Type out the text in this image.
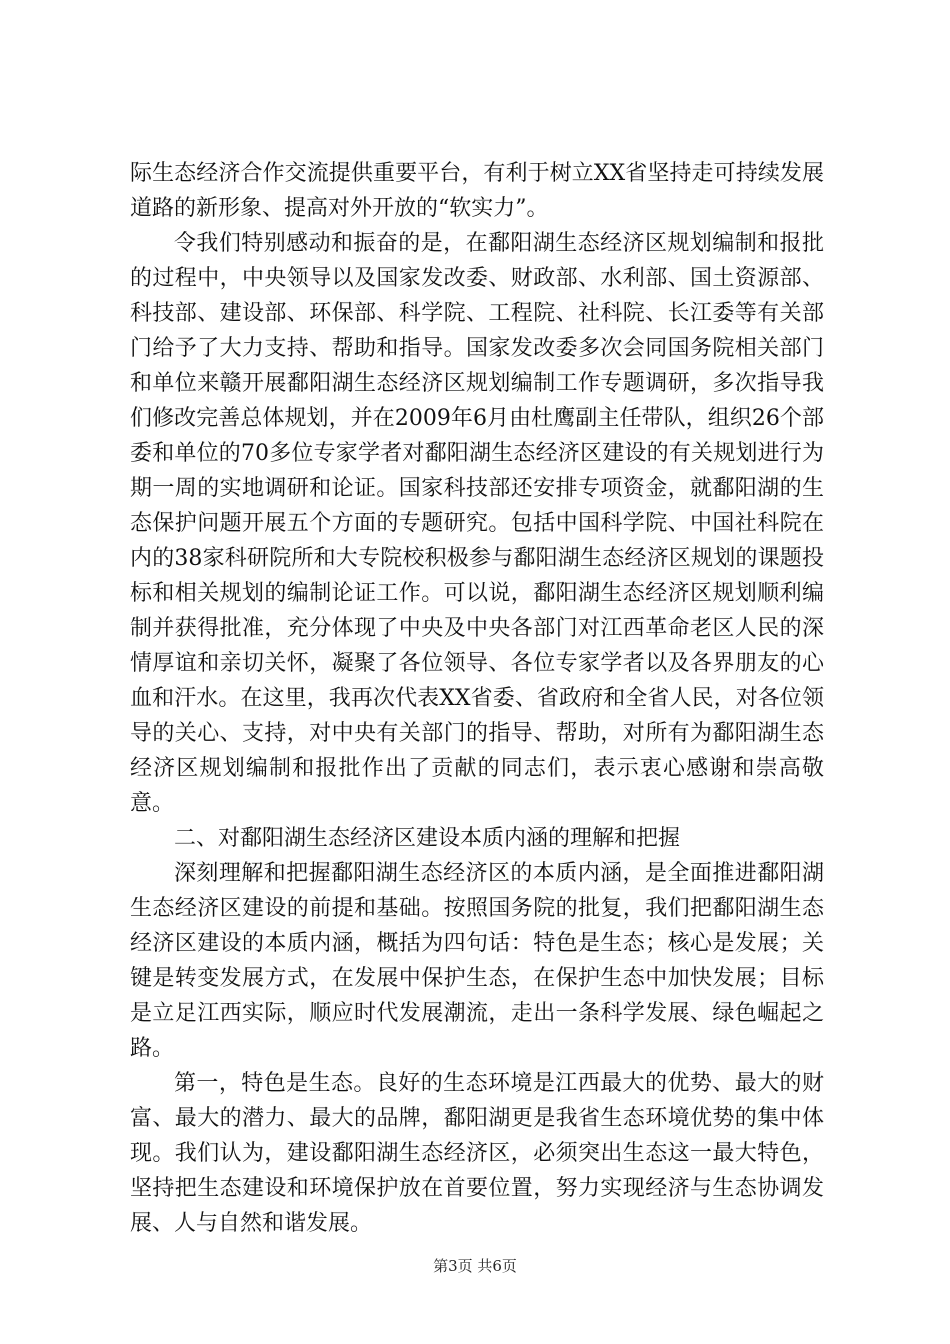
际生态经济合作交流提供重要平台，有利于树立XX省坚持走可持续发展道路的新形象、提高对外开放的“软实力”。

令我们特别感动和振奋的是，在鄱阳湖生态经济区规划编制和报批的过程中，中央领导以及国家发改委、财政部、水利部、国土资源部、科技部、建设部、环保部、科学院、工程院、社科院、长江委等有关部门给予了大力支持、帮助和指导。国家发改委多次会同国务院相关部门和单位来赣开展鄱阳湖生态经济区规划编制工作专题调研，多次指导我们修改完善总体规划，并在2009年6月由杜鹰副主任带队，组织26个部委和单位的70多位专家学者对鄱阳湖生态经济区建设的有关规划进行为期一周的实地调研和论证。国家科技部还安排专项资金，就鄱阳湖的生态保护问题开展五个方面的专题研究。包括中国科学院、中国社科院在内的38家科研院所和大专院校积极参与鄱阳湖生态经济区规划的课题投标和相关规划的编制论证工作。可以说，鄱阳湖生态经济区规划顺利编制并获得批准，充分体现了中央及中央各部门对江西革命老区人民的深情厚谊和亲切关怀，凝聚了各位领导、各位专家学者以及各界朋友的心血和汗水。在这里，我再次代表XX省委、省政府和全省人民，对各位领导的关心、支持，对中央有关部门的指导、帮助，对所有为鄱阳湖生态经济区规划编制和报批作出了贡献的同志们，表示衷心感谢和崇高敬意。

二、对鄱阳湖生态经济区建设本质内涵的理解和把握

深刻理解和把握鄱阳湖生态经济区的本质内涵，是全面推进鄱阳湖生态经济区建设的前提和基础。按照国务院的批复，我们把鄱阳湖生态经济区建设的本质内涵，概括为四句话：特色是生态；核心是发展；关键是转变发展方式，在发展中保护生态，在保护生态中加快发展；目标是立足江西实际，顺应时代发展潮流，走出一条科学发展、绿色崛起之路。

第一，特色是生态。良好的生态环境是江西最大的优势、最大的财富、最大的潜力、最大的品牌，鄱阳湖更是我省生态环境优势的集中体现。我们认为，建设鄱阳湖生态经济区，必须突出生态这一最大特色，坚持把生态建设和环境保护放在首要位置，努力实现经济与生态协调发展、人与自然和谐发展。

第3页 共6页
